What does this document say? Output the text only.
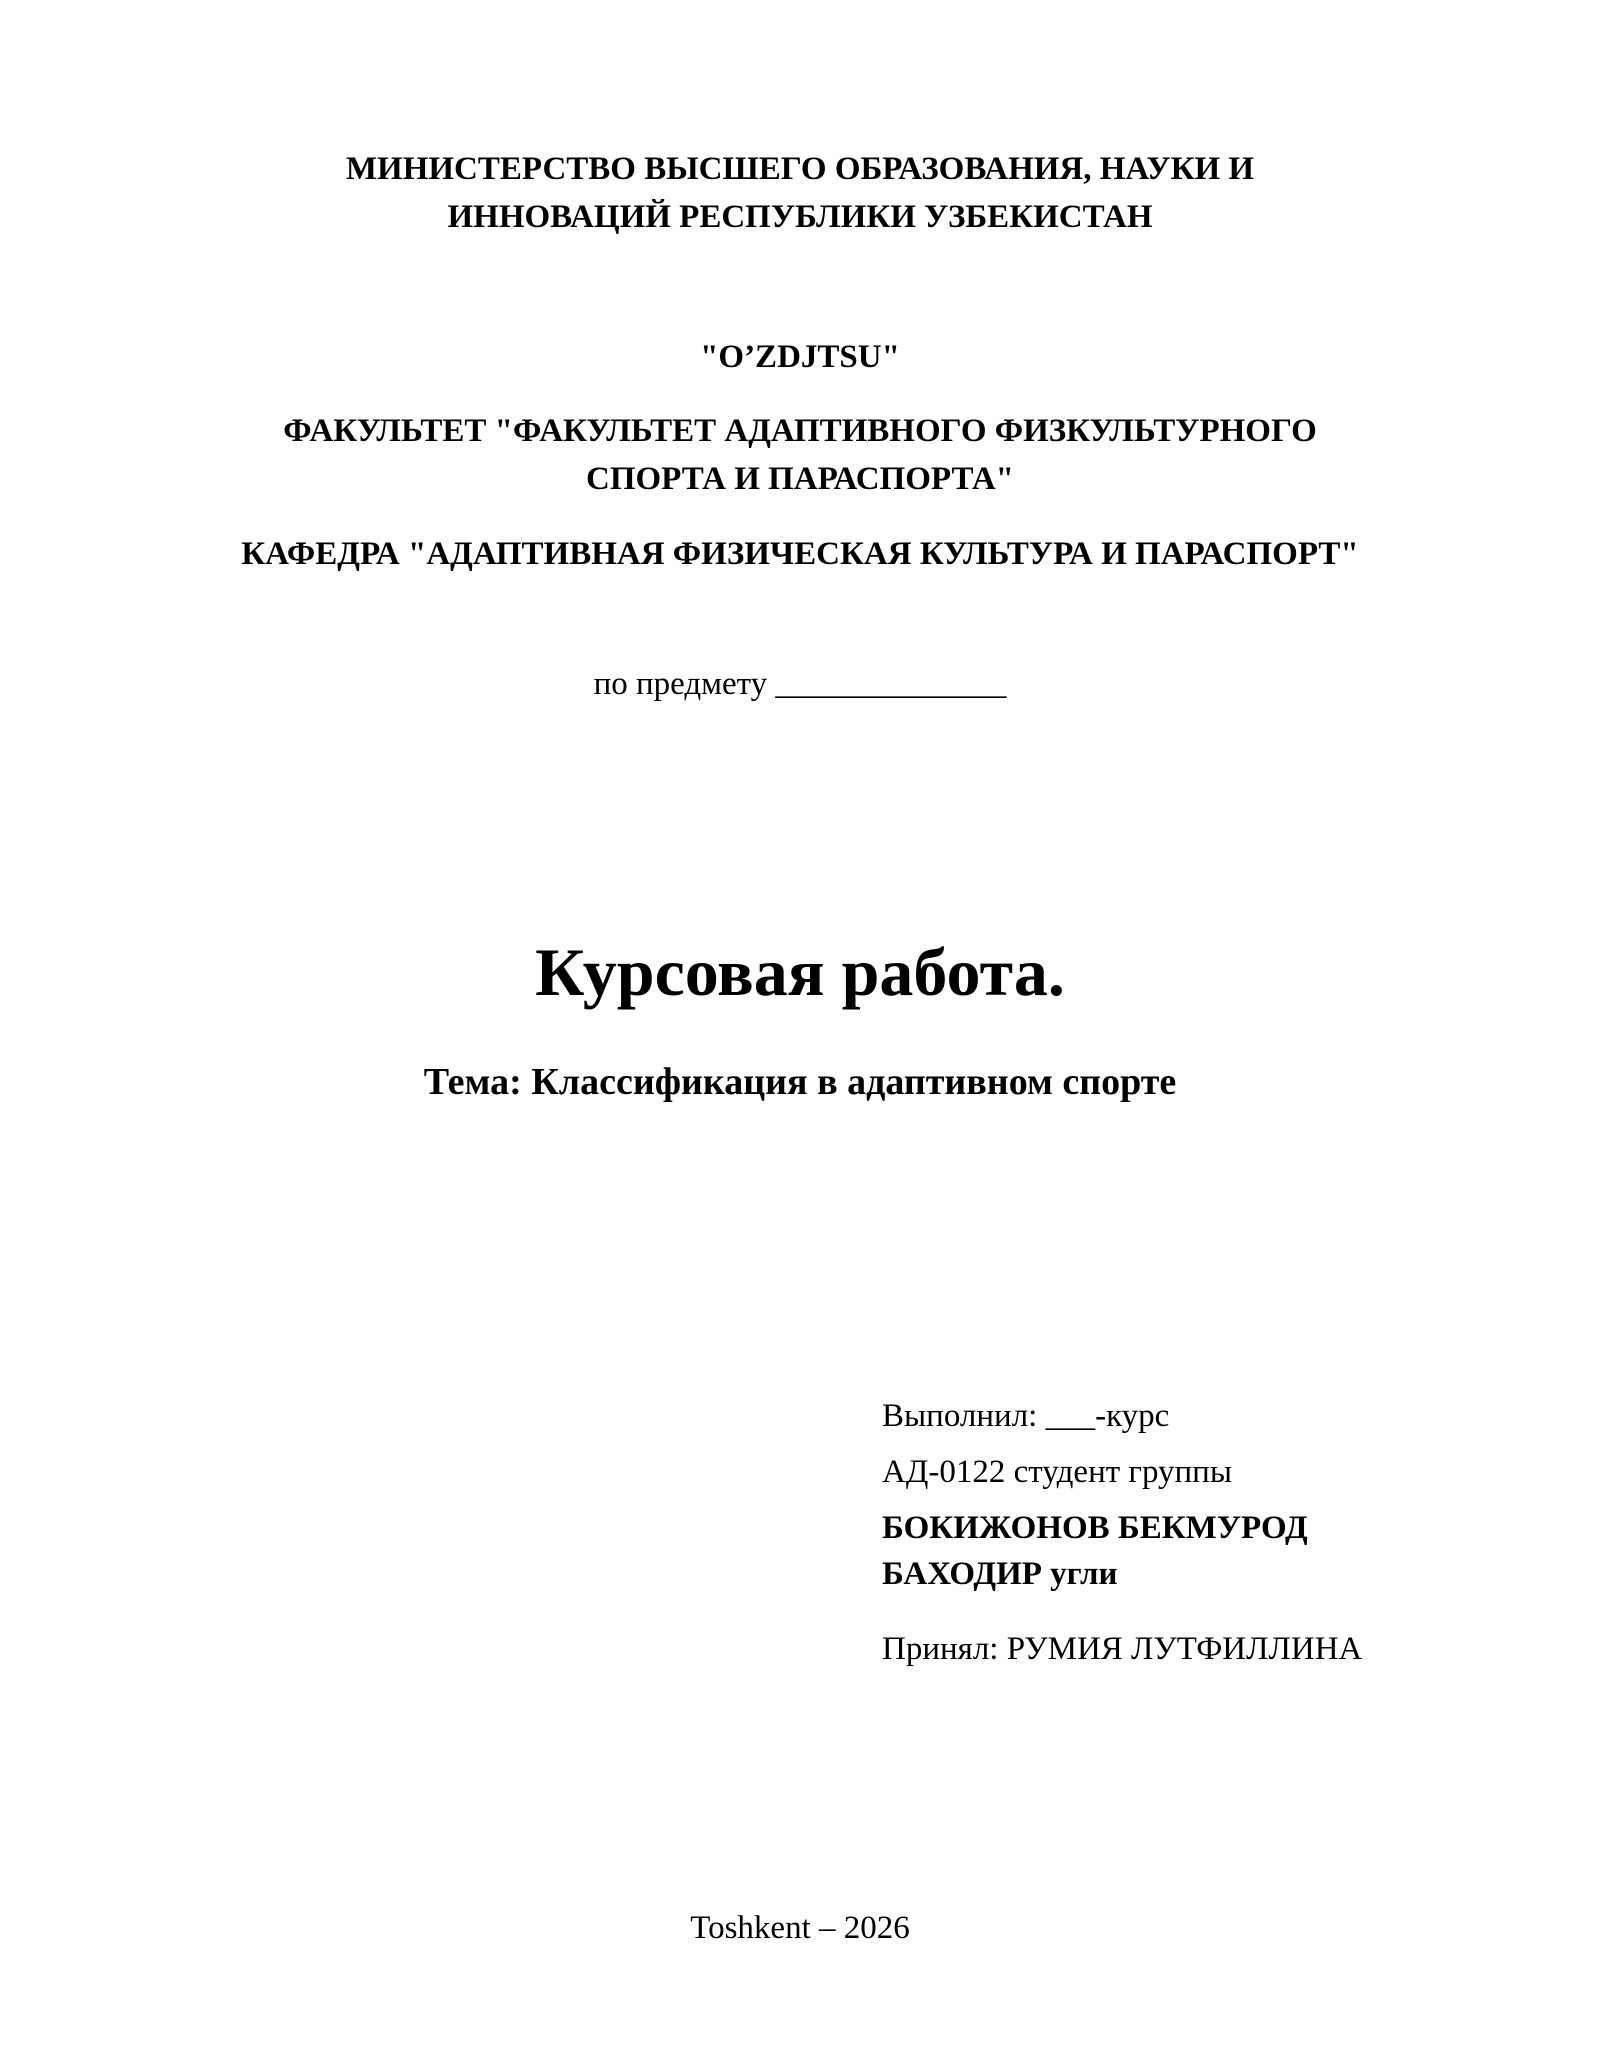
МИНИСТЕРСТВО ВЫСШЕГО ОБРАЗОВАНИЯ, НАУКИ И
ИННОВАЦИЙ РЕСПУБЛИКИ УЗБЕКИСТАН
"O’ZDJTSU"
ФАКУЛЬТЕТ "ФАКУЛЬТЕТ АДАПТИВНОГО ФИЗКУЛЬТУРНОГО
СПОРТА И ПАРАСПОРТА"
КАФЕДРА "АДАПТИВНАЯ ФИЗИЧЕСКАЯ КУЛЬТУРА И ПАРАСПОРТ"
по предмету ______________
Курсовая работа.
Тема: Классификация в адаптивном спорте
Выполнил: ___-курс
АД-0122 студент группы
БОКИЖОНОВ БЕКМУРОД
БАХОДИР угли
Принял: РУМИЯ ЛУТФИЛЛИНА
Toshkent – 2026
